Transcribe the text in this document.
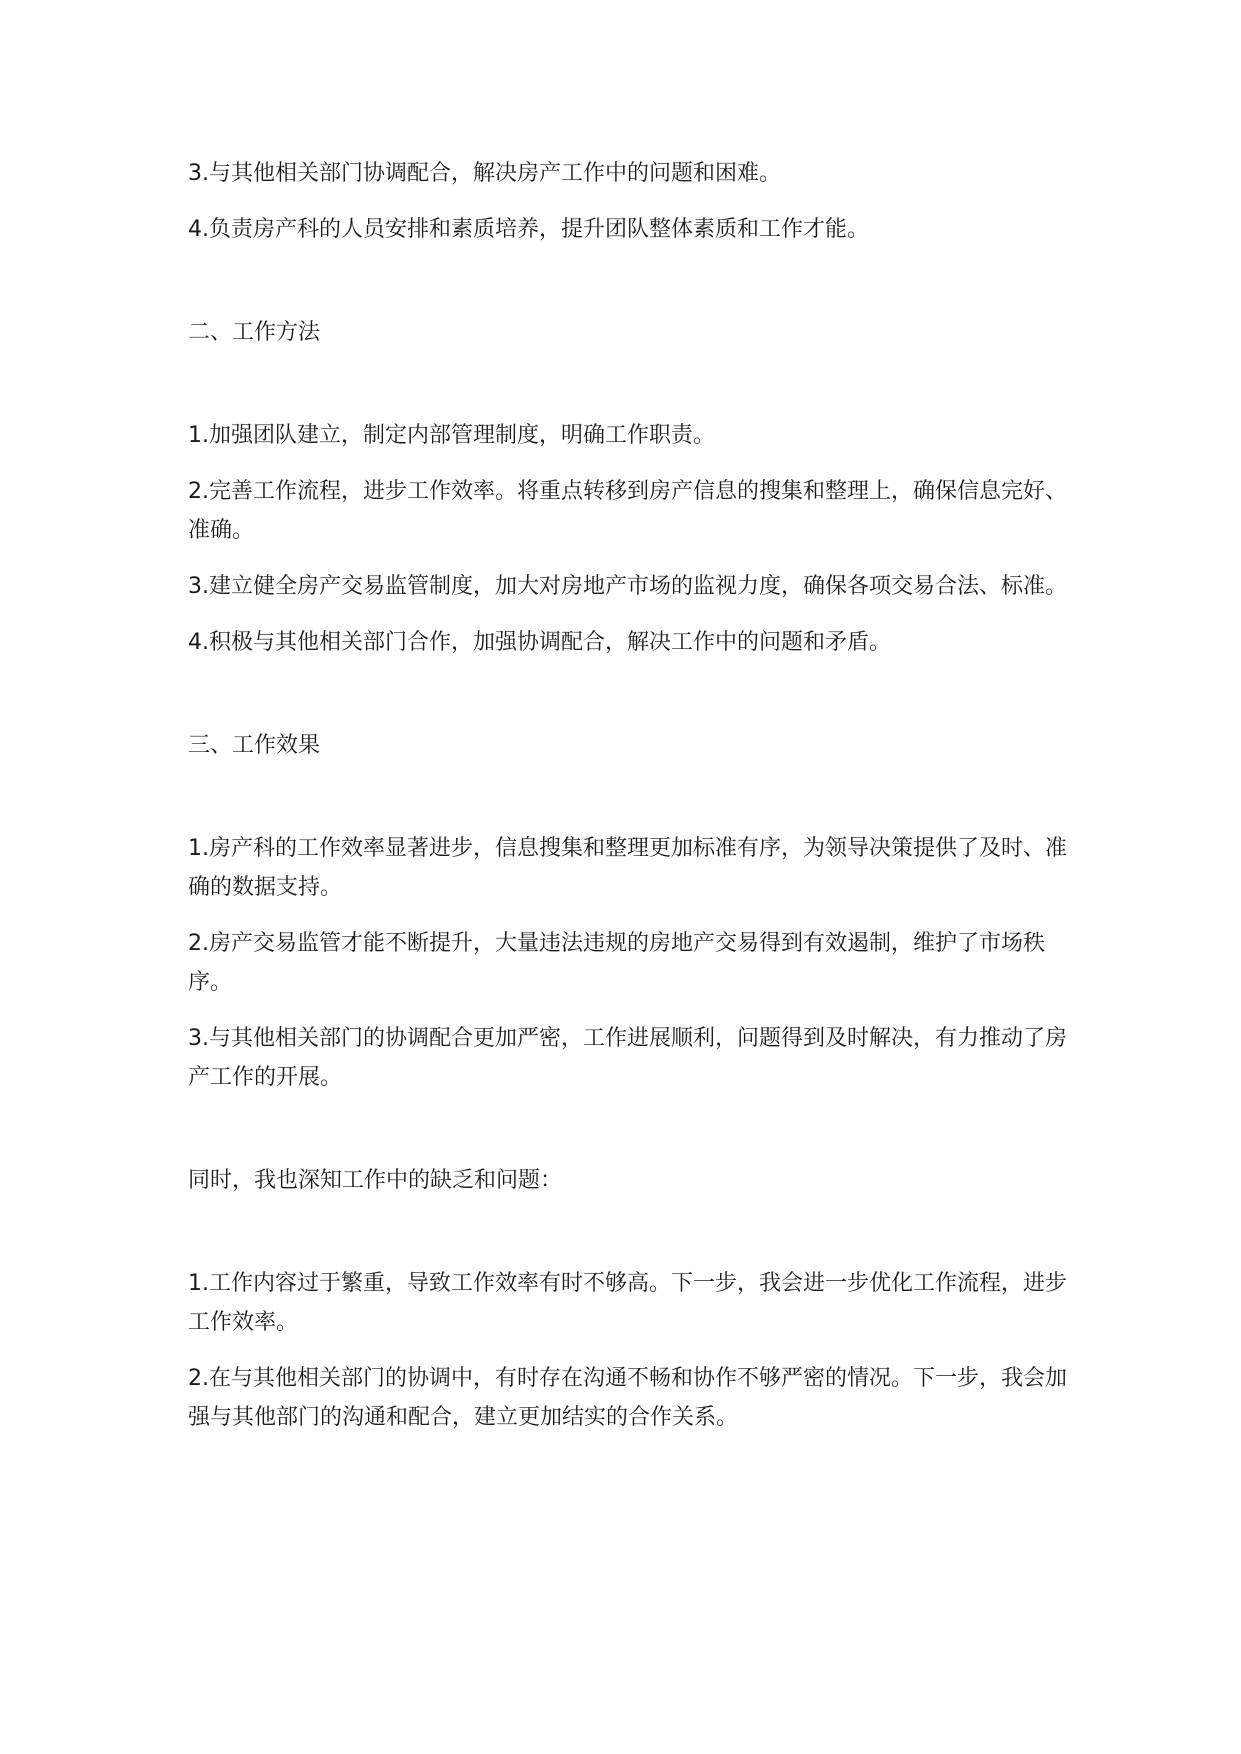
3.与其他相关部门协调配合，解决房产工作中的问题和困难。

4.负责房产科的人员安排和素质培养，提升团队整体素质和工作才能。

二、工作方法

1.加强团队建立，制定内部管理制度，明确工作职责。

2.完善工作流程，进步工作效率。将重点转移到房产信息的搜集和整理上，确保信息完好、准确。

3.建立健全房产交易监管制度，加大对房地产市场的监视力度，确保各项交易合法、标准。

4.积极与其他相关部门合作，加强协调配合，解决工作中的问题和矛盾。

三、工作效果

1.房产科的工作效率显著进步，信息搜集和整理更加标准有序，为领导决策提供了及时、准确的数据支持。

2.房产交易监管才能不断提升，大量违法违规的房地产交易得到有效遏制，维护了市场秩序。

3.与其他相关部门的协调配合更加严密，工作进展顺利，问题得到及时解决，有力推动了房产工作的开展。

同时，我也深知工作中的缺乏和问题：

1.工作内容过于繁重，导致工作效率有时不够高。下一步，我会进一步优化工作流程，进步工作效率。

2.在与其他相关部门的协调中，有时存在沟通不畅和协作不够严密的情况。下一步，我会加强与其他部门的沟通和配合，建立更加结实的合作关系。
